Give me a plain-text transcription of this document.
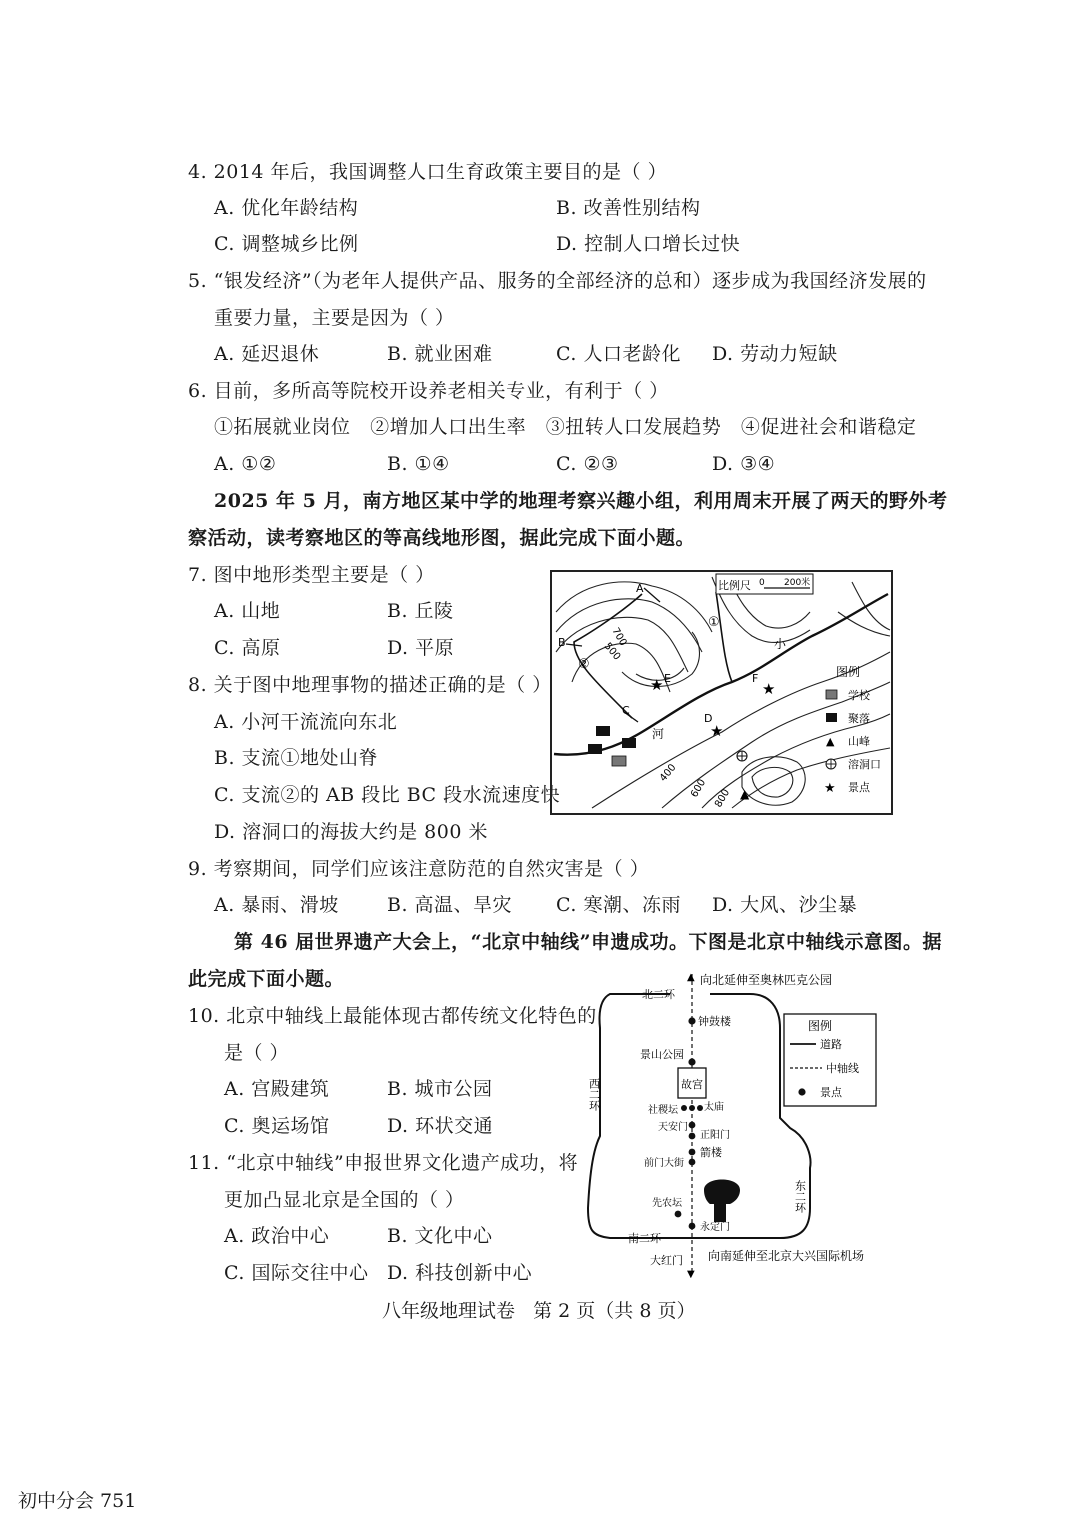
4. 2014 年后，我国调整人口生育政策主要目的是（ ）
A. 优化年龄结构	B. 改善性别结构
C. 调整城乡比例	D. 控制人口增长过快
5. “银发经济”（为老年人提供产品、服务的全部经济的总和）逐步成为我国经济发展的
重要力量，主要是因为（ ）
A. 延迟退休	B. 就业困难	C. 人口老龄化 D. 劳动力短缺
6. 目前，多所高等院校开设养老相关专业，有利于（ ）
①拓展就业岗位   ②增加人口出生率   ③扭转人口发展趋势   ④促进社会和谐稳定
A. ①②	B. ①④	C. ②③	D. ③④
2025 年 5 月，南方地区某中学的地理考察兴趣小组，利用周末开展了两天的野外考
察活动，读考察地区的等高线地形图，据此完成下面小题。
7. 图中地形类型主要是（ ）
A. 山地	B. 丘陵
C. 高原	D. 平原
8. 关于图中地理事物的描述正确的是（ ）
A. 小河干流流向东北
B. 支流①地处山脊
C. 支流②的 AB 段比 BC 段水流速度快
D. 溶洞口的海拔大约是 800 米
A
B
C
D
E	F
①
②
河
小
700
500
400
600 800
★
★
★
▲
比例尺 0 200米
图例
学校
聚落
▲ 山峰
溶洞口
★ 景点
9. 考察期间，同学们应该注意防范的自然灾害是（ ）
A. 暴雨、滑坡	B. 高温、旱灾 C. 寒潮、冻雨 D. 大风、沙尘暴
第 46 届世界遗产大会上，“北京中轴线”申遗成功。下图是北京中轴线示意图。据
此完成下面小题。
10. 北京中轴线上最能体现古都传统文化特色的
是（ ）
A. 宫殿建筑	B. 城市公园
C. 奥运场馆	D. 环状交通
11. “北京中轴线”申报世界文化遗产成功，将
更加凸显北京是全国的（ ）
A. 政治中心	B. 文化中心
C. 国际交往中心 D. 科技创新中心
▲
▼
向北延伸至奥林匹克公园
向南延伸至北京大兴国际机场
北二环
西二环
东二环
南二环
钟鼓楼
景山公园
故宫
社稷坛	太庙
天安门
正阳门
箭楼
前门大街
先农坛
永定门
大红门
图例
道路
中轴线
景点
八年级地理试卷   第 2 页（共 8 页）
初中分会 751
